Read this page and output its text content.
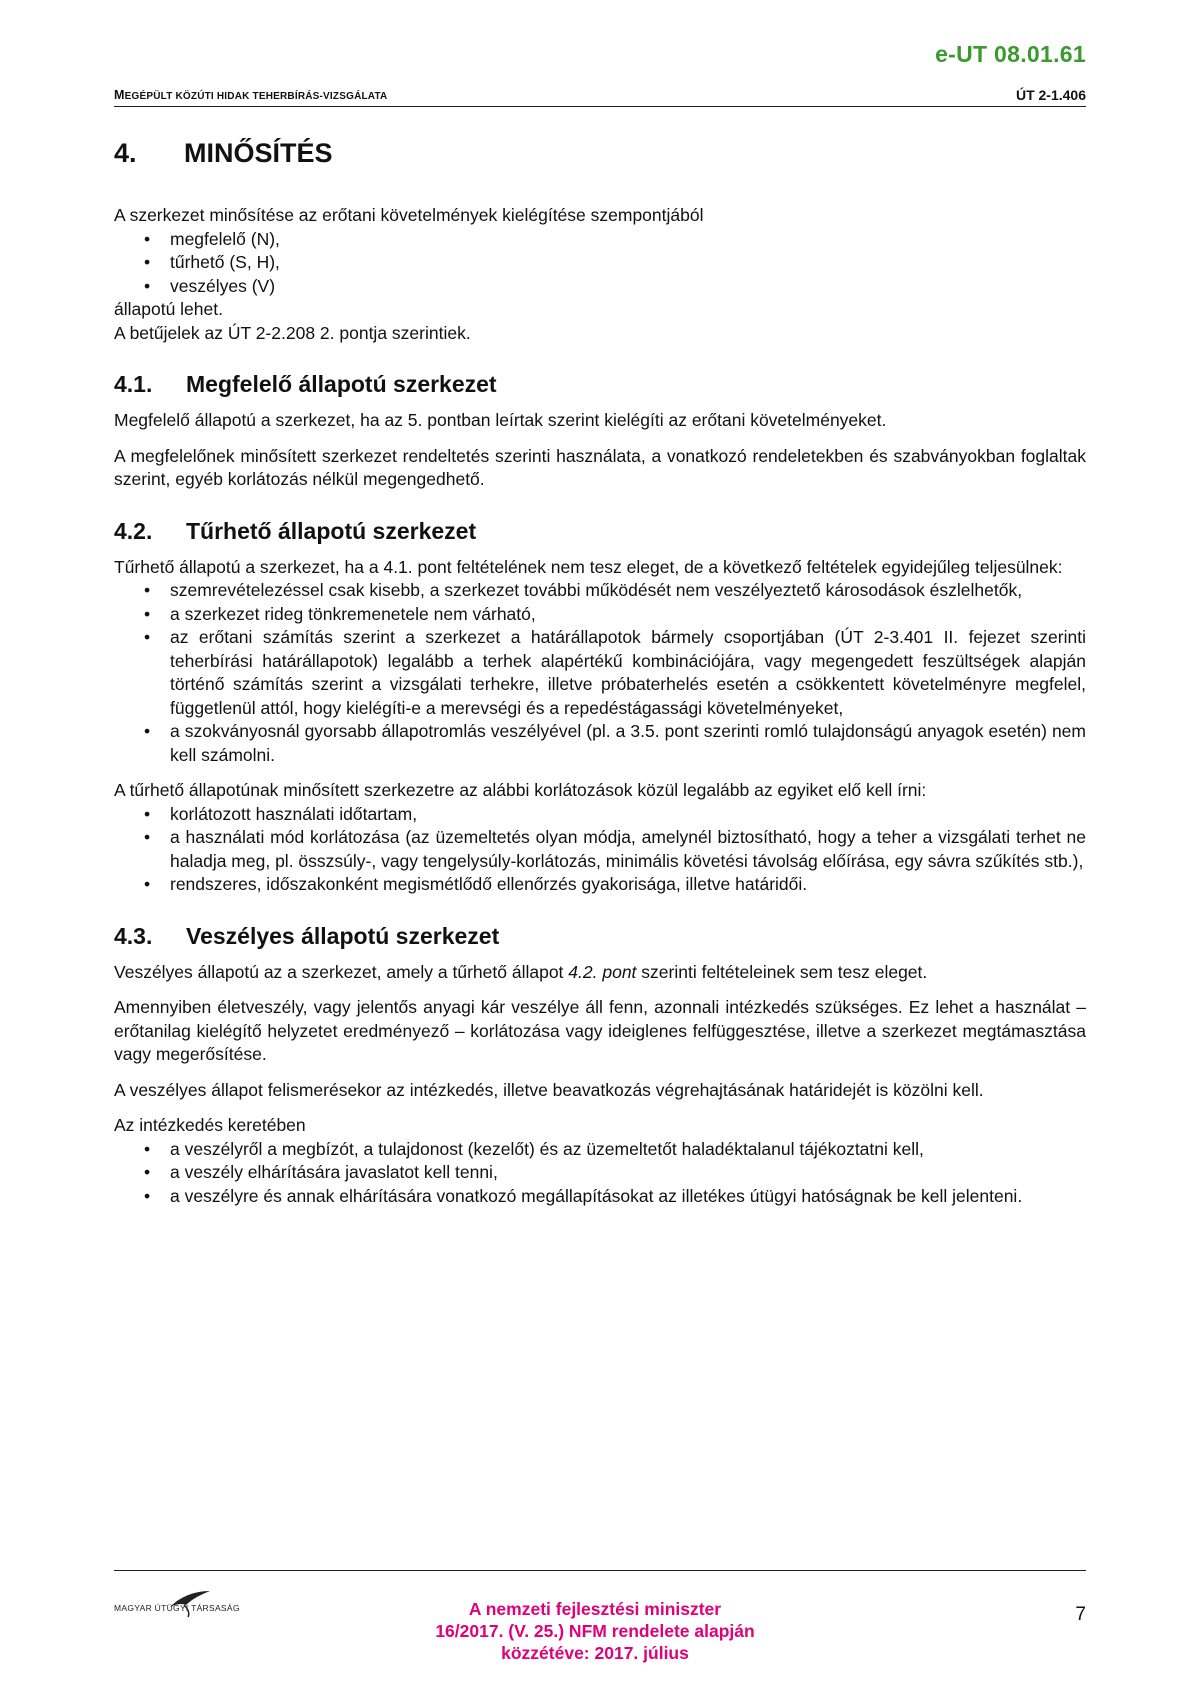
e-UT 08.01.61
MEGÉPÜLT KÖZÚTI HIDAK TEHERBÍRÁS-VIZSGÁLATA	ÚT 2-1.406
4.	MINŐSÍTÉS

A szerkezet minősítése az erőtani követelmények kielégítése szempontjából

• megfelelő (N),
• tűrhető (S, H),
• veszélyes (V)

állapotú lehet.

A betűjelek az ÚT 2-2.208 2. pontja szerintiek.

4.1.	Megfelelő állapotú szerkezet

Megfelelő állapotú a szerkezet, ha az 5. pontban leírtak szerint kielégíti az erőtani követelményeket.

A megfelelőnek minősített szerkezet rendeltetés szerinti használata, a vonatkozó rendeletekben és szabványokban foglaltak szerint, egyéb korlátozás nélkül megengedhető.

4.2.	Tűrhető állapotú szerkezet

Tűrhető állapotú a szerkezet, ha a 4.1. pont feltételének nem tesz eleget, de a következő feltételek egyidejűleg teljesülnek:

• szemrevételezéssel csak kisebb, a szerkezet további működését nem veszélyeztető károsodások észlelhetők,
• a szerkezet rideg tönkremenetele nem várható,
• az erőtani számítás szerint a szerkezet a határállapotok bármely csoportjában (ÚT 2-3.401 II. fejezet szerinti teherbírási határállapotok) legalább a terhek alapértékű kombinációjára, vagy megengedett feszültségek alapján történő számítás szerint a vizsgálati terhekre, illetve próbaterhelés esetén a csökkentett követelményre megfelel, függetlenül attól, hogy kielégíti-e a merevségi és a repedéstágassági követelményeket,
• a szokványosnál gyorsabb állapotromlás veszélyével (pl. a 3.5. pont szerinti romló tulajdonságú anyagok esetén) nem kell számolni.

A tűrhető állapotúnak minősített szerkezetre az alábbi korlátozások közül legalább az egyiket elő kell írni:

• korlátozott használati időtartam,
• a használati mód korlátozása (az üzemeltetés olyan módja, amelynél biztosítható, hogy a teher a vizsgálati terhet ne haladja meg, pl. összsúly-, vagy tengelysúly-korlátozás, minimális követési távolság előírása, egy sávra szűkítés stb.),
• rendszeres, időszakonként megismétlődő ellenőrzés gyakorisága, illetve határidői.
4.3.	Veszélyes állapotú szerkezet

Veszélyes állapotú az a szerkezet, amely a tűrhető állapot 4.2. pont szerinti feltételeinek sem tesz eleget.

Amennyiben életveszély, vagy jelentős anyagi kár veszélye áll fenn, azonnali intézkedés szükséges. Ez lehet a használat – erőtanilag kielégítő helyzetet eredményező – korlátozása vagy ideiglenes felfüggesztése, illetve a szerkezet megtámasztása vagy megerősítése.

A veszélyes állapot felismerésekor az intézkedés, illetve beavatkozás végrehajtásának határidejét is közölni kell.

Az intézkedés keretében

• a veszélyről a megbízót, a tulajdonost (kezelőt) és az üzemeltetőt haladéktalanul tájékoztatni kell,
• a veszély elhárítására javaslatot kell tenni,
• a veszélyre és annak elhárítására vonatkozó megállapításokat az illetékes útügyi hatóságnak be kell jelenteni.
MAGYAR ÚTÜGYI TÁRSASÁG	A nemzeti fejlesztési miniszter
16/2017. (V. 25.) NFM rendelete alapján
közzétéve: 2017. július
7
